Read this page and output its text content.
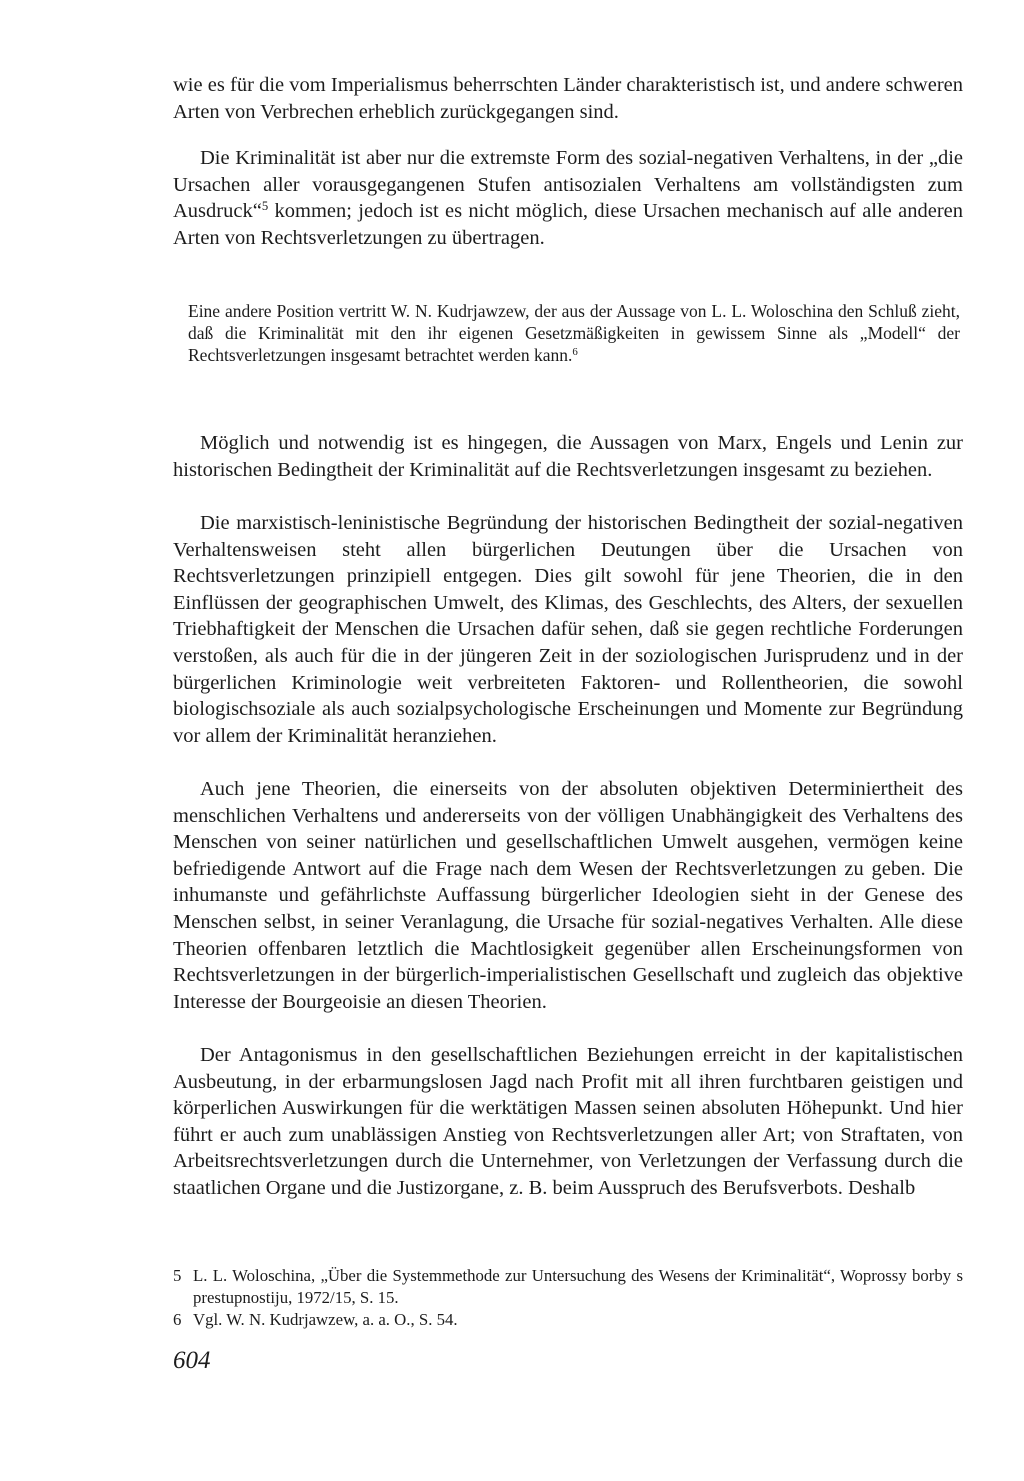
wie es für die vom Imperialismus beherrschten Länder charakteristisch ist, und andere schweren Arten von Verbrechen erheblich zurückgegangen sind.

Die Kriminalität ist aber nur die extremste Form des sozial-negativen Verhaltens, in der „die Ursachen aller vorausgegangenen Stufen antisozialen Verhaltens am vollständigsten zum Ausdruck“$^5$ kommen; jedoch ist es nicht möglich, diese Ursachen mechanisch auf alle anderen Arten von Rechtsverletzungen zu übertragen.

Eine andere Position vertritt W. N. Kudrjawzew, der aus der Aussage von L. L. Woloschina den Schluß zieht, daß die Kriminalität mit den ihr eigenen Gesetzmäßigkeiten in gewissem Sinne als „Modell“ der Rechtsverletzungen insgesamt betrachtet werden kann.$^6$

Möglich und notwendig ist es hingegen, die Aussagen von Marx, Engels und Lenin zur historischen Bedingtheit der Kriminalität auf die Rechtsverletzungen insgesamt zu beziehen.

Die marxistisch-leninistische Begründung der historischen Bedingtheit der sozial-negativen Verhaltensweisen steht allen bürgerlichen Deutungen über die Ursachen von Rechtsverletzungen prinzipiell entgegen. Dies gilt sowohl für jene Theorien, die in den Einflüssen der geographischen Umwelt, des Klimas, des Geschlechts, des Alters, der sexuellen Triebhaftigkeit der Menschen die Ursachen dafür sehen, daß sie gegen rechtliche Forderungen verstoßen, als auch für die in der jüngeren Zeit in der soziologischen Jurisprudenz und in der bürgerlichen Kriminologie weit verbreiteten Faktoren- und Rollentheorien, die sowohl biologischsoziale als auch sozialpsychologische Erscheinungen und Momente zur Begründung vor allem der Kriminalität heranziehen.

Auch jene Theorien, die einerseits von der absoluten objektiven Determiniertheit des menschlichen Verhaltens und andererseits von der völligen Unabhängigkeit des Verhaltens des Menschen von seiner natürlichen und gesellschaftlichen Umwelt ausgehen, vermögen keine befriedigende Antwort auf die Frage nach dem Wesen der Rechtsverletzungen zu geben. Die inhumanste und gefährlichste Auffassung bürgerlicher Ideologien sieht in der Genese des Menschen selbst, in seiner Veranlagung, die Ursache für sozial-negatives Verhalten. Alle diese Theorien offenbaren letztlich die Machtlosigkeit gegenüber allen Erscheinungsformen von Rechtsverletzungen in der bürgerlich-imperialistischen Gesellschaft und zugleich das objektive Interesse der Bourgeoisie an diesen Theorien.

Der Antagonismus in den gesellschaftlichen Beziehungen erreicht in der kapitalistischen Ausbeutung, in der erbarmungslosen Jagd nach Profit mit all ihren furchtbaren geistigen und körperlichen Auswirkungen für die werktätigen Massen seinen absoluten Höhepunkt. Und hier führt er auch zum unablässigen Anstieg von Rechtsverletzungen aller Art; von Straftaten, von Arbeitsrechtsverletzungen durch die Unternehmer, von Verletzungen der Verfassung durch die staatlichen Organe und die Justizorgane, z. B. beim Ausspruch des Berufsverbots. Deshalb

5 L. L. Woloschina, „Über die Systemmethode zur Untersuchung des Wesens der Kriminalität“, Woprossy borby s prestupnostiju, 1972/15, S. 15.
6 Vgl. W. N. Kudrjawzew, a. a. O., S. 54.

604
